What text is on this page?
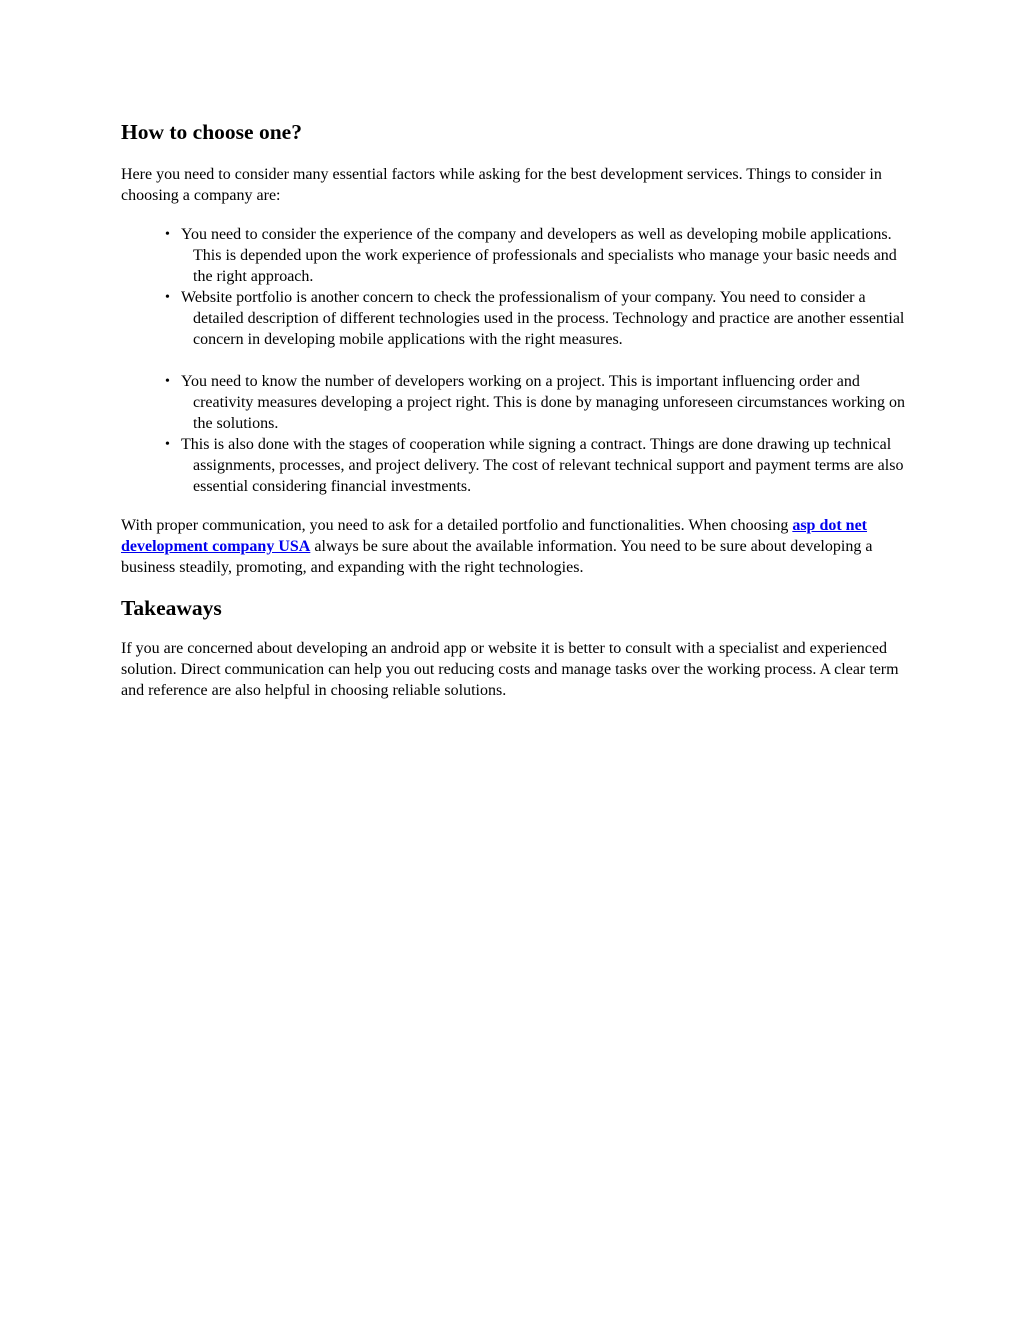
How to choose one?

Here you need to consider many essential factors while asking for the best development services. Things to consider in choosing a company are:

• You need to consider the experience of the company and developers as well as developing mobile applications. This is depended upon the work experience of professionals and specialists who manage your basic needs and the right approach.
• Website portfolio is another concern to check the professionalism of your company. You need to consider a detailed description of different technologies used in the process. Technology and practice are another essential concern in developing mobile applications with the right measures.
• You need to know the number of developers working on a project. This is important influencing order and creativity measures developing a project right. This is done by managing unforeseen circumstances working on the solutions.
• This is also done with the stages of cooperation while signing a contract. Things are done drawing up technical assignments, processes, and project delivery. The cost of relevant technical support and payment terms are also essential considering financial investments.

With proper communication, you need to ask for a detailed portfolio and functionalities. When choosing asp dot net development company USA always be sure about the available information. You need to be sure about developing a business steadily, promoting, and expanding with the right technologies.

Takeaways

If you are concerned about developing an android app or website it is better to consult with a specialist and experienced solution. Direct communication can help you out reducing costs and manage tasks over the working process. A clear term and reference are also helpful in choosing reliable solutions.
